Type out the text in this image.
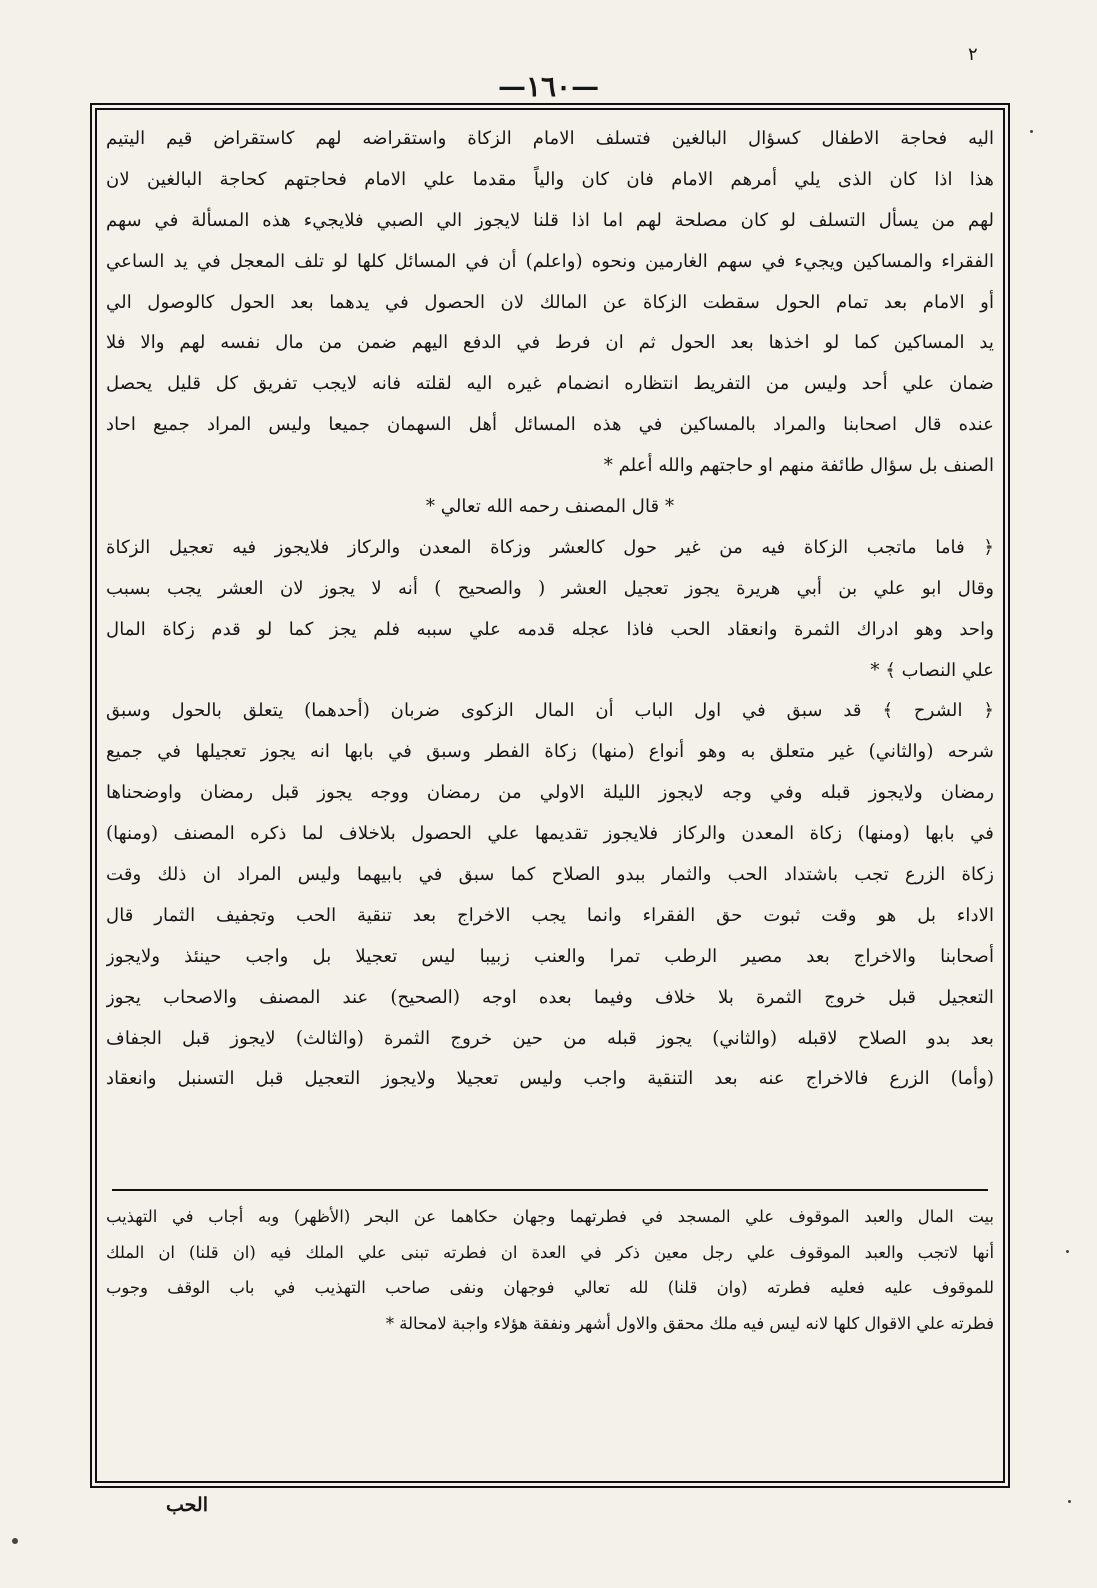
٢
—١٦٠—
اليه فحاجة الاطفال كسؤال البالغين فتسلف الامام الزكاة واستقراضه لهم كاستقراض قيم اليتيم
هذا اذا كان الذى يلي أمرهم الامام فان كان والياً مقدما علي الامام فحاجتهم كحاجة البالغين لان
لهم من يسأل التسلف لو كان مصلحة لهم اما اذا قلنا لايجوز الي الصبي فلايجيء هذه المسألة في سهم
الفقراء والمساكين ويجيء في سهم الغارمين ونحوه (واعلم) أن في المسائل كلها لو تلف المعجل في يد الساعي
أو الامام بعد تمام الحول سقطت الزكاة عن المالك لان الحصول في يدهما بعد الحول كالوصول الي
يد المساكين كما لو اخذها بعد الحول ثم ان فرط في الدفع اليهم ضمن من مال نفسه لهم والا فلا
ضمان علي أحد وليس من التفريط انتظاره انضمام غيره اليه لقلته فانه لايجب تفريق كل قليل يحصل
عنده قال اصحابنا والمراد بالمساكين في هذه المسائل أهل السهمان جميعا وليس المراد جميع احاد
الصنف بل سؤال طائفة منهم او حاجتهم والله أعلم *
* قال المصنف رحمه الله تعالي *
﴿ فاما ماتجب الزكاة فيه من غير حول كالعشر وزكاة المعدن والركاز فلايجوز فيه تعجيل الزكاة
وقال ابو علي بن أبي هريرة يجوز تعجيل العشر ( والصحيح ) أنه لا يجوز لان العشر يجب بسبب
واحد وهو ادراك الثمرة وانعقاد الحب فاذا عجله قدمه علي سببه فلم يجز كما لو قدم زكاة المال
علي النصاب ﴾ *
﴿ الشرح ﴾ قد سبق في اول الباب أن المال الزكوى ضربان (أحدهما) يتعلق بالحول وسبق
شرحه (والثاني) غير متعلق به وهو أنواع (منها) زكاة الفطر وسبق في بابها انه يجوز تعجيلها في جميع
رمضان ولايجوز قبله وفي وجه لايجوز الليلة الاولي من رمضان ووجه يجوز قبل رمضان واوضحناها
في بابها (ومنها) زكاة المعدن والركاز فلايجوز تقديمها علي الحصول بلاخلاف لما ذكره المصنف (ومنها)
زكاة الزرع تجب باشتداد الحب والثمار ببدو الصلاح كما سبق في بابيهما وليس المراد ان ذلك وقت
الاداء بل هو وقت ثبوت حق الفقراء وانما يجب الاخراج بعد تنقية الحب وتجفيف الثمار قال
أصحابنا والاخراج بعد مصير الرطب تمرا والعنب زبيبا ليس تعجيلا بل واجب حينئذ ولايجوز
التعجيل قبل خروج الثمرة بلا خلاف وفيما بعده اوجه (الصحيح) عند المصنف والاصحاب يجوز
بعد بدو الصلاح لاقبله (والثاني) يجوز قبله من حين خروج الثمرة (والثالث) لايجوز قبل الجفاف
(وأما) الزرع فالاخراج عنه بعد التنقية واجب وليس تعجيلا ولايجوز التعجيل قبل التسنبل وانعقاد
بيت المال والعبد الموقوف علي المسجد في فطرتهما وجهان حكاهما عن البحر (الأظهر) وبه أجاب في التهذيب
أنها لاتجب والعبد الموقوف علي رجل معين ذكر في العدة ان فطرته تبنى علي الملك فيه (ان قلنا) ان الملك
للموقوف عليه فعليه فطرته (وان قلنا) لله تعالي فوجهان ونفى صاحب التهذيب في باب الوقف وجوب
فطرته علي الاقوال كلها لانه ليس فيه ملك محقق والاول أشهر ونفقة هؤلاء واجبة لامحالة *
الحب
